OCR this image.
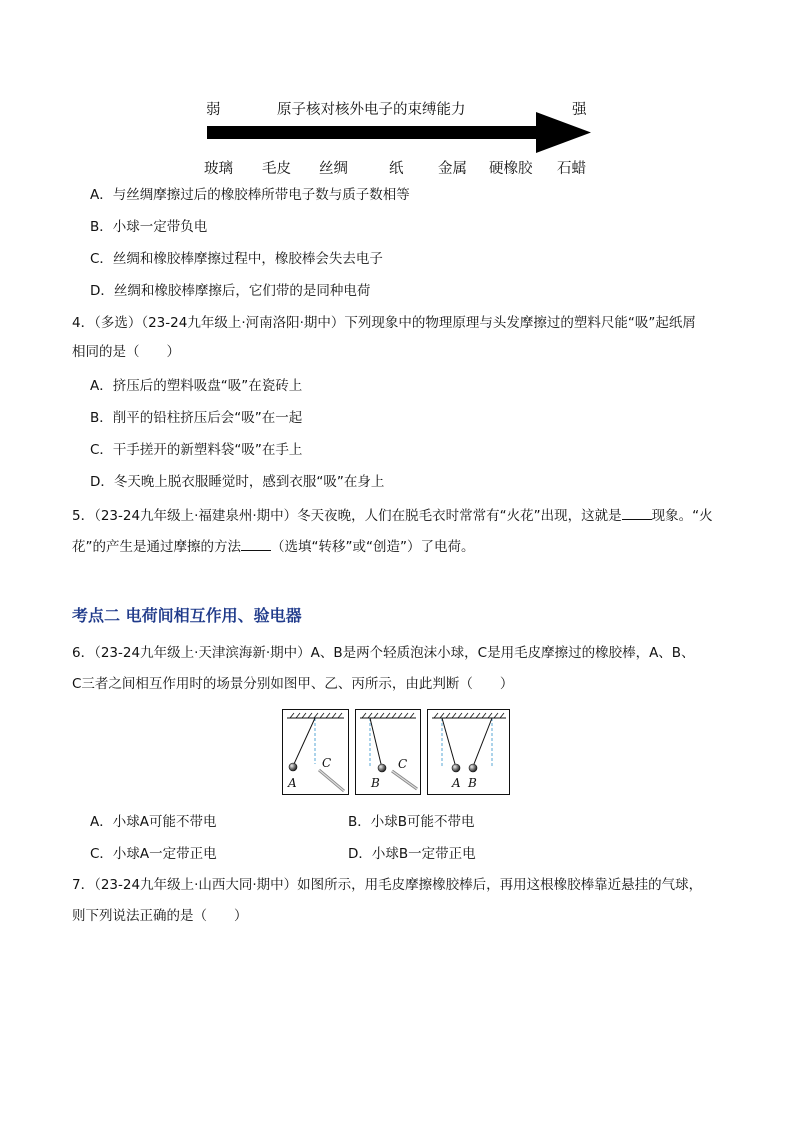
弱	原子核对核外电子的束缚能力	强
玻璃 毛皮 丝绸	纸 金属 硬橡胶 石蜡
A．与丝绸摩擦过后的橡胶棒所带电子数与质子数相等
B．小球一定带负电
C．丝绸和橡胶棒摩擦过程中，橡胶棒会失去电子
D．丝绸和橡胶棒摩擦后，它们带的是同种电荷
4．（多选）（23-24九年级上·河南洛阳·期中）下列现象中的物理原理与头发摩擦过的塑料尺能“吸”起纸屑
相同的是（　　）
A．挤压后的塑料吸盘“吸”在瓷砖上
B．削平的铅柱挤压后会“吸”在一起
C．干手搓开的新塑料袋“吸”在手上
D．冬天晚上脱衣服睡觉时，感到衣服“吸”在身上
5．（23-24九年级上·福建泉州·期中）冬天夜晚，人们在脱毛衣时常常有“火花”出现，这就是 现象。“火
花”的产生是通过摩擦的方法 （选填“转移”或“创造”）了电荷。
考点二 电荷间相互作用、验电器
6．（23-24九年级上·天津滨海新·期中）A、B是两个轻质泡沫小球，C是用毛皮摩擦过的橡胶棒，A、B、
C三者之间相互作用时的场景分别如图甲、乙、丙所示，由此判断（　　）
C
A
C
B	A B
A．小球A可能不带电	B．小球B可能不带电
C．小球A一定带正电	D．小球B一定带正电
7．（23-24九年级上·山西大同·期中）如图所示，用毛皮摩擦橡胶棒后，再用这根橡胶棒靠近悬挂的气球，
则下列说法正确的是（　　）
